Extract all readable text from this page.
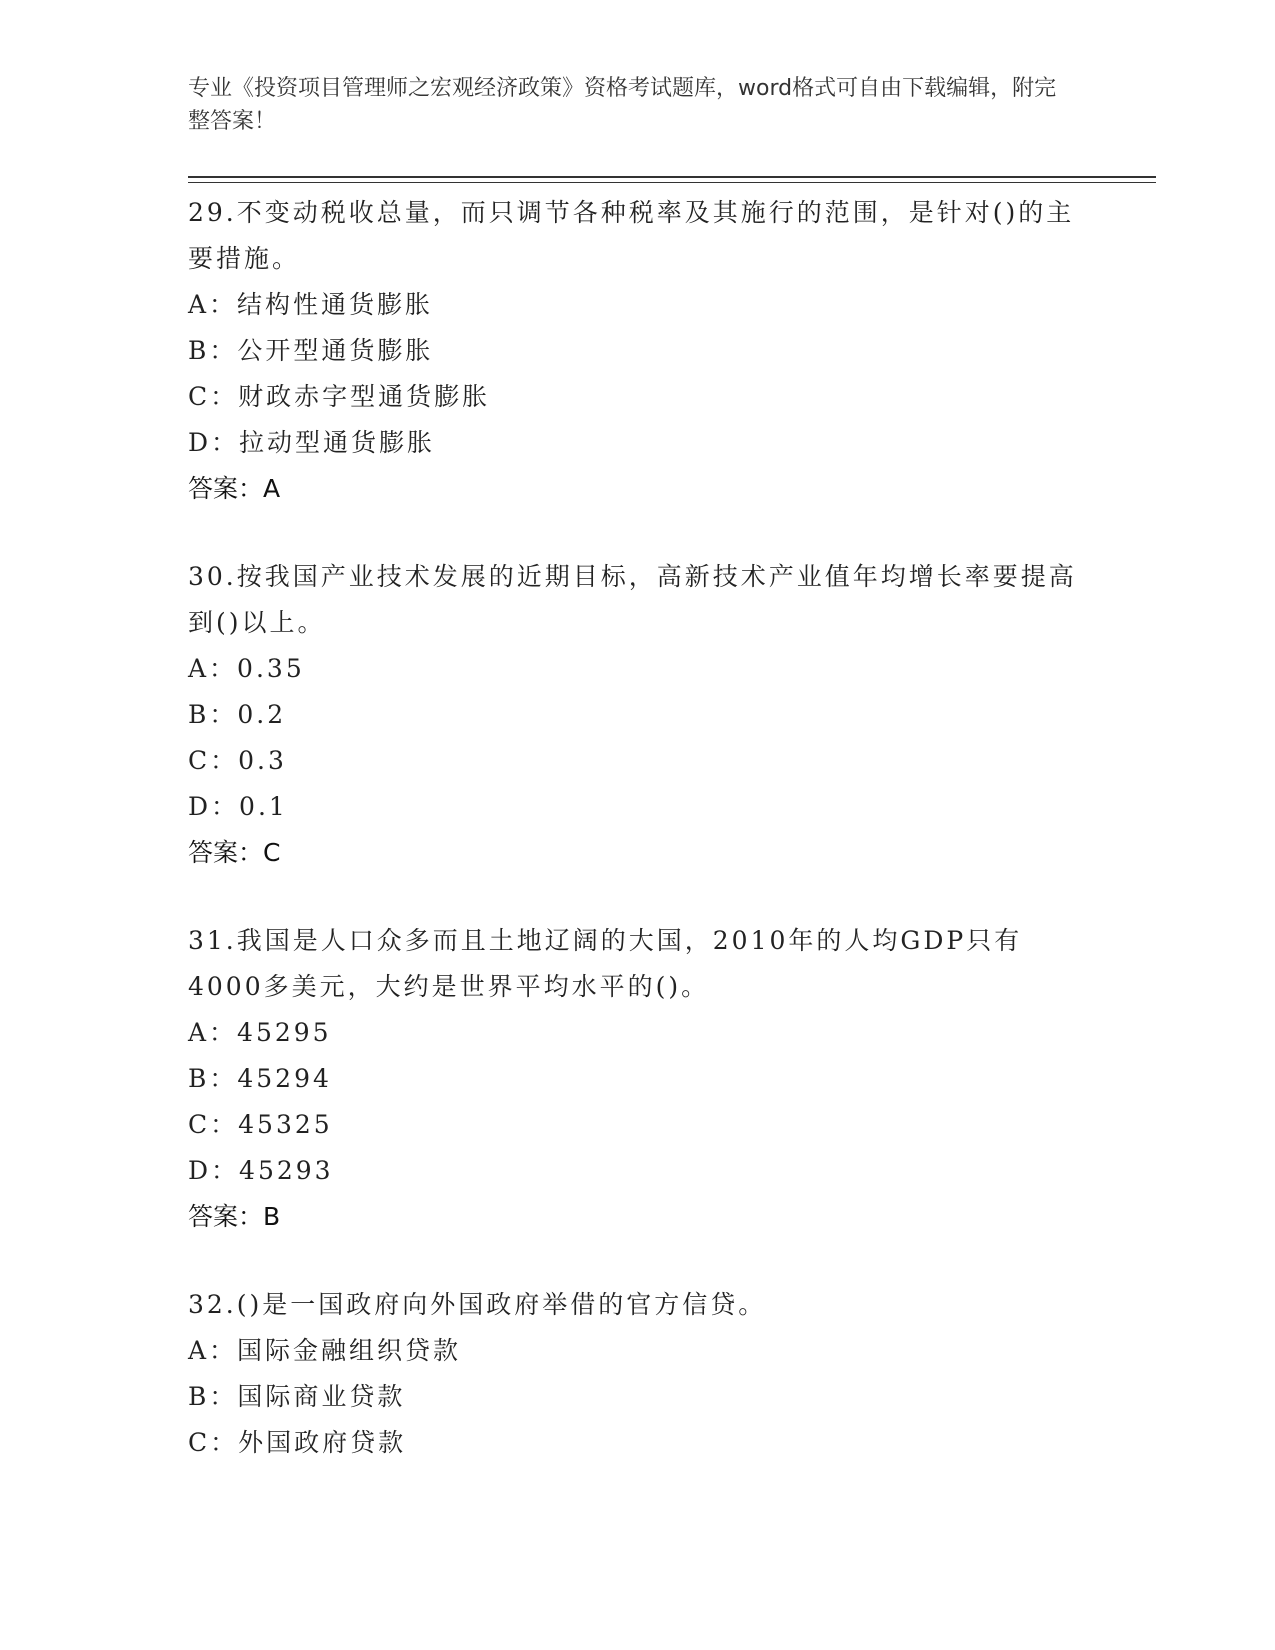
专业《投资项目管理师之宏观经济政策》资格考试题库，word格式可自由下载编辑，附完整答案！
29.不变动税收总量，而只调节各种税率及其施行的范围，是针对()的主要措施。
A：结构性通货膨胀
B：公开型通货膨胀
C：财政赤字型通货膨胀
D：拉动型通货膨胀
答案：A
30.按我国产业技术发展的近期目标，高新技术产业值年均增长率要提高到()以上。
A：0.35
B：0.2
C：0.3
D：0.1
答案：C
31.我国是人口众多而且土地辽阔的大国，2010年的人均GDP只有4000多美元，大约是世界平均水平的()。
A：45295
B：45294
C：45325
D：45293
答案：B
32.()是一国政府向外国政府举借的官方信贷。
A：国际金融组织贷款
B：国际商业贷款
C：外国政府贷款
